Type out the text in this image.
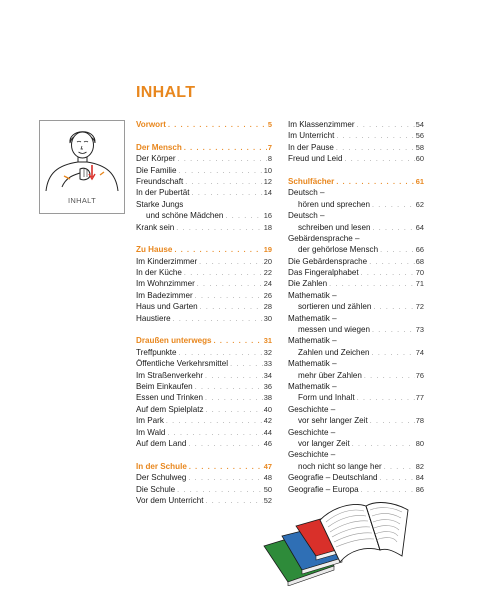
INHALT
INHALT
Vorwort . . .	5
Der Mensch . . .	7
Der Körper . . .	8
Die Familie . . .	10
Freundschaft . . .	12
In der Pubertät . . .	14
Starke Jungs
und schöne Mädchen . . .	16
Krank sein . . .	18
Zu Hause . . .	19
Im Kinderzimmer . . .	20
In der Küche . . .	22
Im Wohnzimmer . . .	24
Im Badezimmer . . .	26
Haus und Garten . . .	28
Haustiere . . .	30
Draußen unterwegs . . .	31
Treffpunkte . . .	32
Öffentliche Verkehrsmittel . . .	33
Im Straßenverkehr . . .	34
Beim Einkaufen . . .	36
Essen und Trinken . . .	38
Auf dem Spielplatz . . .	40
Im Park . . .	42
Im Wald . . .	44
Auf dem Land . . .	46
In der Schule . . .	47
Der Schulweg . . .	48
Die Schule . . .	50
Vor dem Unterricht . . .	52
Im Klassenzimmer . . .	54
Im Unterricht . . .	56
In der Pause . . .	58
Freud und Leid . . .	60
Schulfächer . . .	61
Deutsch –
hören und sprechen . . .	62
Deutsch –
schreiben und lesen . . .	64
Gebärdensprache –
der gehörlose Mensch . . .	66
Die Gebärdensprache . . .	68
Das Fingeralphabet . . .	70
Die Zahlen . . .	71
Mathematik –
sortieren und zählen . . .	72
Mathematik –
messen und wiegen . . .	73
Mathematik –
Zahlen und Zeichen . . .	74
Mathematik –
mehr über Zahlen . . .	76
Mathematik –
Form und Inhalt . . .	77
Geschichte –
vor sehr langer Zeit . . .	78
Geschichte –
vor langer Zeit . . .	80
Geschichte –
noch nicht so lange her . . .	82
Geografie – Deutschland . . .	84
Geografie – Europa . . .	86
